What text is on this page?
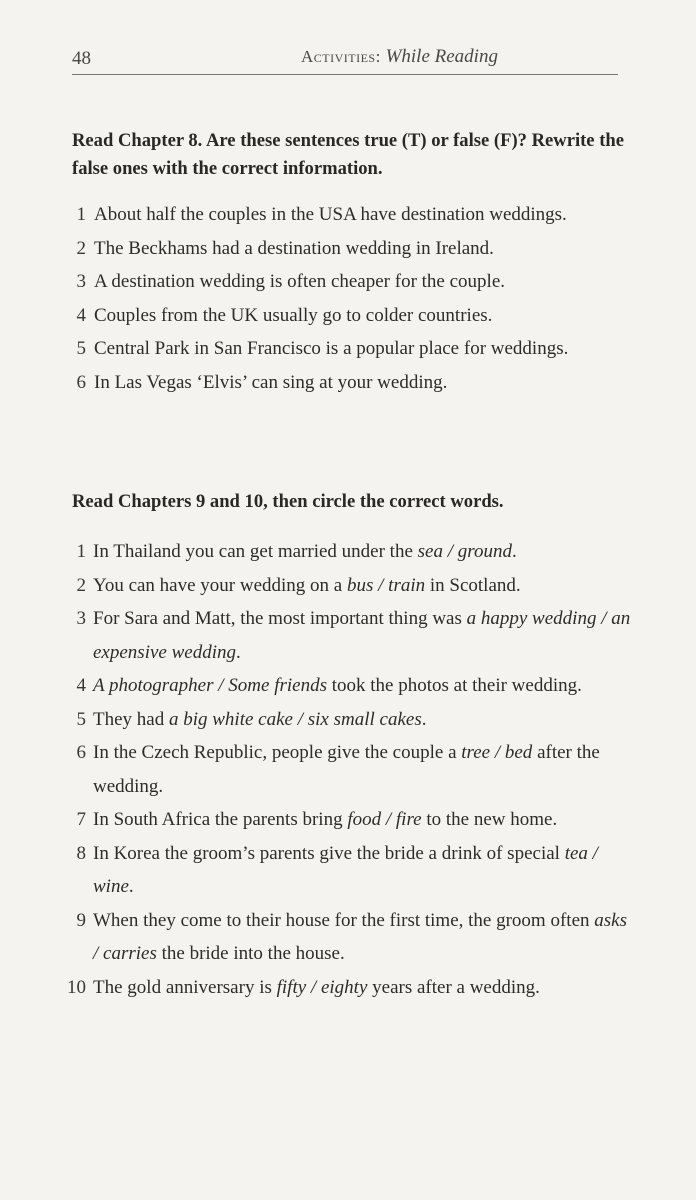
48	Activities: While Reading

Read Chapter 8. Are these sentences true (T) or false (F)? Rewrite the false ones with the correct information.

1 About half the couples in the USA have destination weddings.
2 The Beckhams had a destination wedding in Ireland.
3 A destination wedding is often cheaper for the couple.
4 Couples from the UK usually go to colder countries.
5 Central Park in San Francisco is a popular place for weddings.
6 In Las Vegas ‘Elvis’ can sing at your wedding.

Read Chapters 9 and 10, then circle the correct words.

1 In Thailand you can get married under the sea / ground.
2 You can have your wedding on a bus / train in Scotland.
3 For Sara and Matt, the most important thing was a happy wedding / an expensive wedding.
4 A photographer / Some friends took the photos at their wedding.
5 They had a big white cake / six small cakes.
6 In the Czech Republic, people give the couple a tree / bed after the wedding.
7 In South Africa the parents bring food / fire to the new home.
8 In Korea the groom’s parents give the bride a drink of special tea / wine.
9 When they come to their house for the first time, the groom often asks / carries the bride into the house.
10 The gold anniversary is fifty / eighty years after a wedding.
